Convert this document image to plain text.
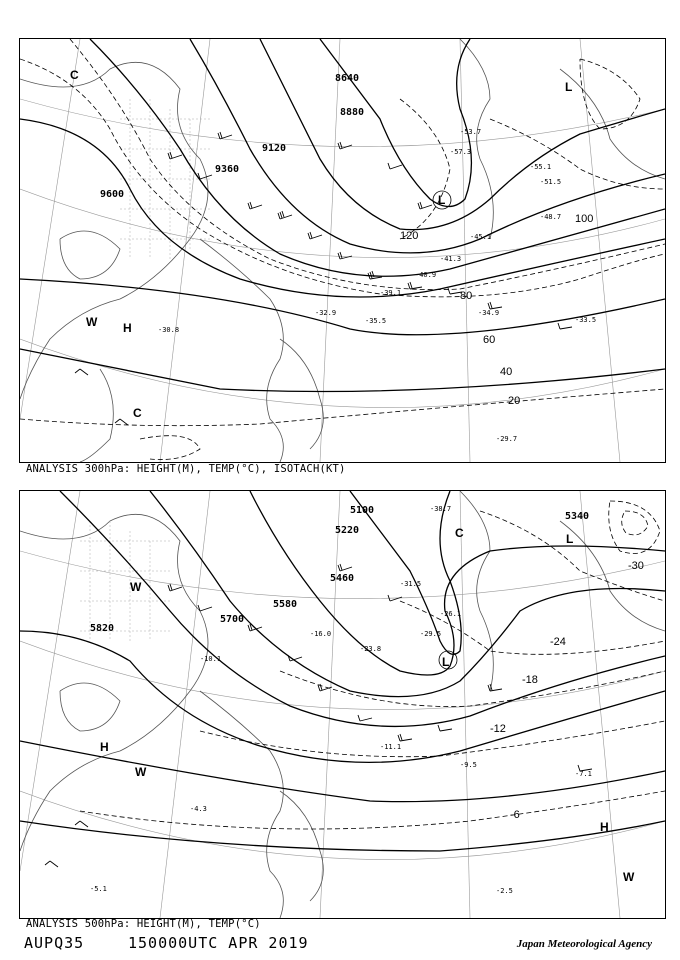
8640
8880
9120
9360
9600
20
40
60
80
100
120
-35.5
-34.9
-33.5
-32.9
-30.8
-29.7
-39.1
-40.9
-41.3
-45.1
-48.7
-51.5
-57.3
-55.1
-53.7
H
L
L
C
C
W
ANALYSIS 300hPa: HEIGHT(M), TEMP(°C), ISOTACH(KT)
5100
5220
5340
5460
5580
5700
5820
-30
-24
-18
-12
-6
-2.5
-4.3
-5.1
-7.1
-9.5
-10.1
-11.1
-16.0
-23.8
-26.1
-29.5
-31.5
-38.7
H
H
L
L
C
W
W
W
ANALYSIS 500hPa: HEIGHT(M), TEMP(°C)
AUPQ35	150000UTC APR 2019	Japan Meteorological Agency
